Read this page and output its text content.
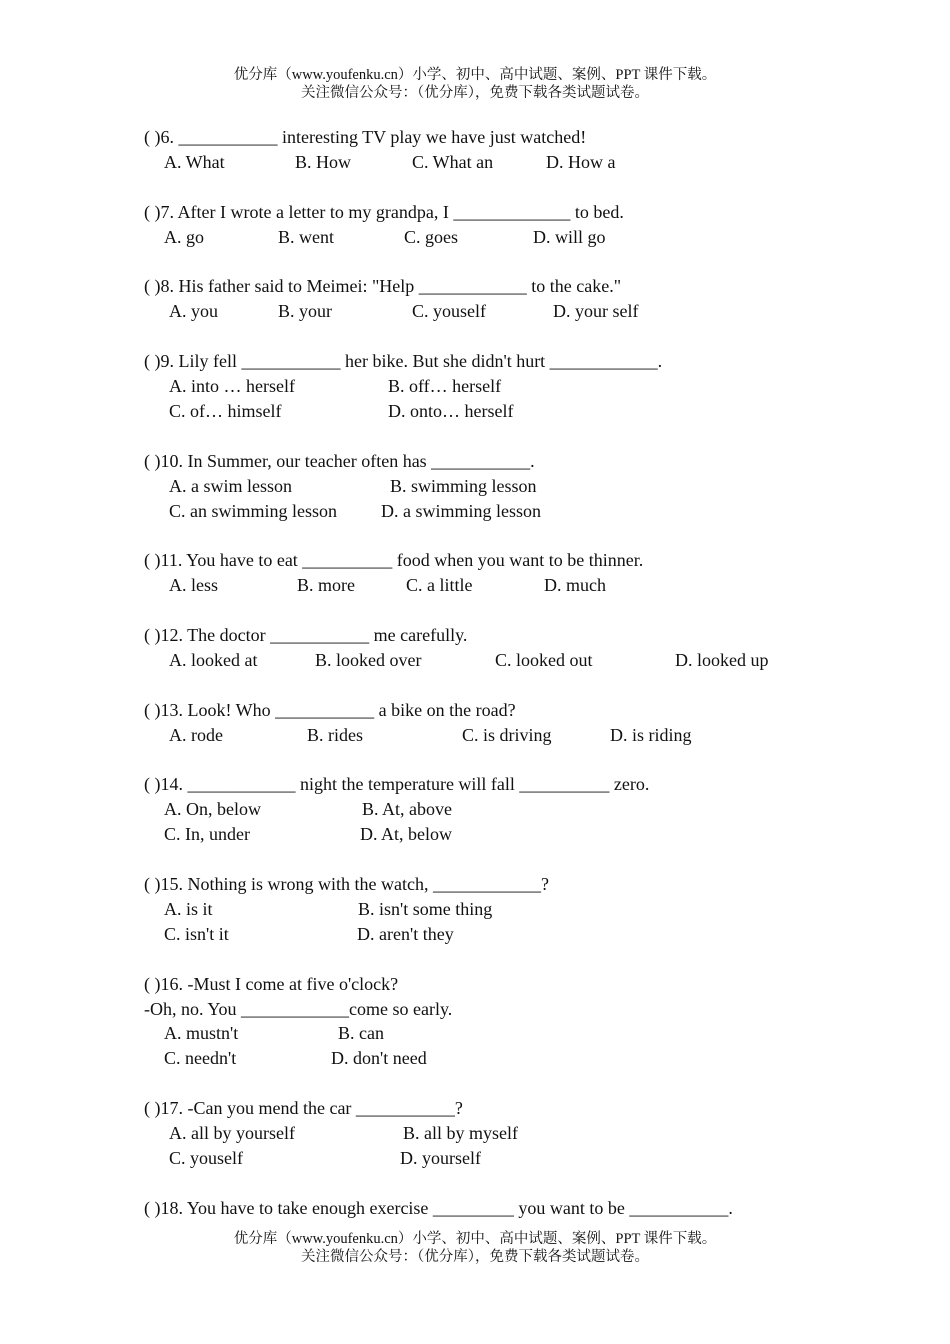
优分库（www.youfenku.cn）小学、初中、高中试题、案例、PPT 课件下载。
关注微信公众号：（优分库），免费下载各类试题试卷。
( )6. ___________ interesting TV play we have just watched!
A. What	B. How	C. What an	D. How a
( )7. After I wrote a letter to my grandpa, I _____________ to bed.
A. go	B. went	C. goes	D. will go
( )8. His father said to Meimei: "Help ____________ to the cake."
A. you	B. your	C. youself	D. your self
( )9. Lily fell ___________ her bike. But she didn't hurt ____________.
A. into … herself	B. off… herself
C. of… himself	D. onto… herself
( )10. In Summer, our teacher often has ___________.
A. a swim lesson	B. swimming lesson
C. an swimming lesson D. a swimming lesson
( )11. You have to eat __________ food when you want to be thinner.
A. less	B. more	C. a little	D. much
( )12. The doctor ___________ me carefully.
A. looked at	B. looked over	C. looked out	D. looked up
( )13. Look! Who ___________ a bike on the road?
A. rode	B. rides	C. is driving	D. is riding
( )14. ____________ night the temperature will fall __________ zero.
A. On, below	B. At, above
C. In, under	D. At, below
( )15. Nothing is wrong with the watch, ____________?
A. is it	B. isn't some thing
C. isn't it	D. aren't they
( )16. -Must I come at five o'clock?
-Oh, no. You ____________come so early.
A. mustn't	B. can
C. needn't	D. don't need
( )17. -Can you mend the car ___________?
A. all by yourself	B. all by myself
C. youself	D. yourself
( )18. You have to take enough exercise _________ you want to be ___________.
优分库（www.youfenku.cn）小学、初中、高中试题、案例、PPT 课件下载。
关注微信公众号：（优分库），免费下载各类试题试卷。
